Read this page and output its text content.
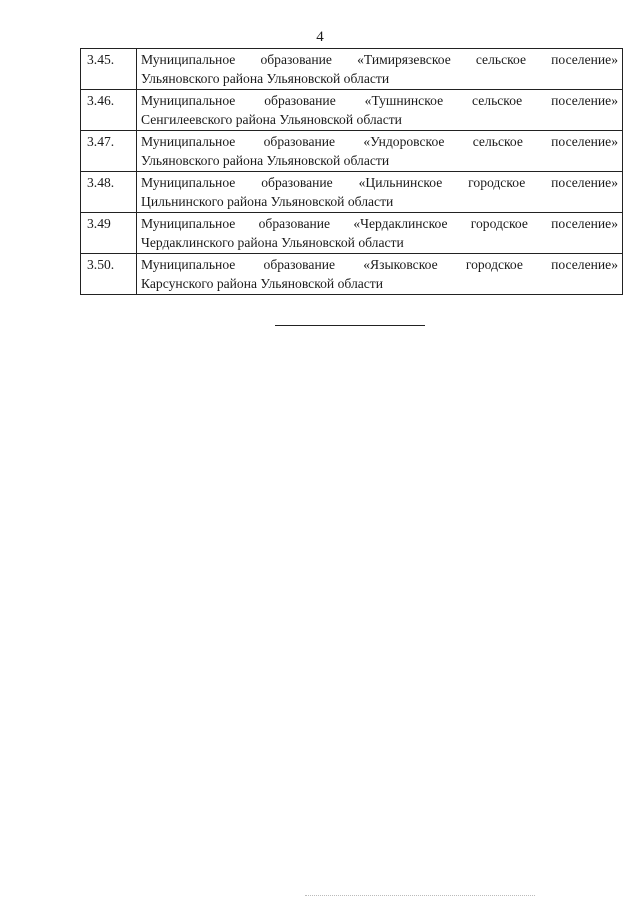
4
3.45.	Муниципальное образование «Тимирязевское сельское поселение»
Ульяновского района Ульяновской области

3.46.	Муниципальное образование «Тушнинское сельское поселение»
Сенгилеевского района Ульяновской области

3.47.	Муниципальное образование «Ундоровское сельское поселение»
Ульяновского района Ульяновской области

3.48.	Муниципальное образование «Цильнинское городское поселение»
Цильнинского района Ульяновской области

3.49	Муниципальное образование «Чердаклинское городское поселение»
Чердаклинского района Ульяновской области

3.50.	Муниципальное образование «Языковское городское поселение»
Карсунского района Ульяновской области
